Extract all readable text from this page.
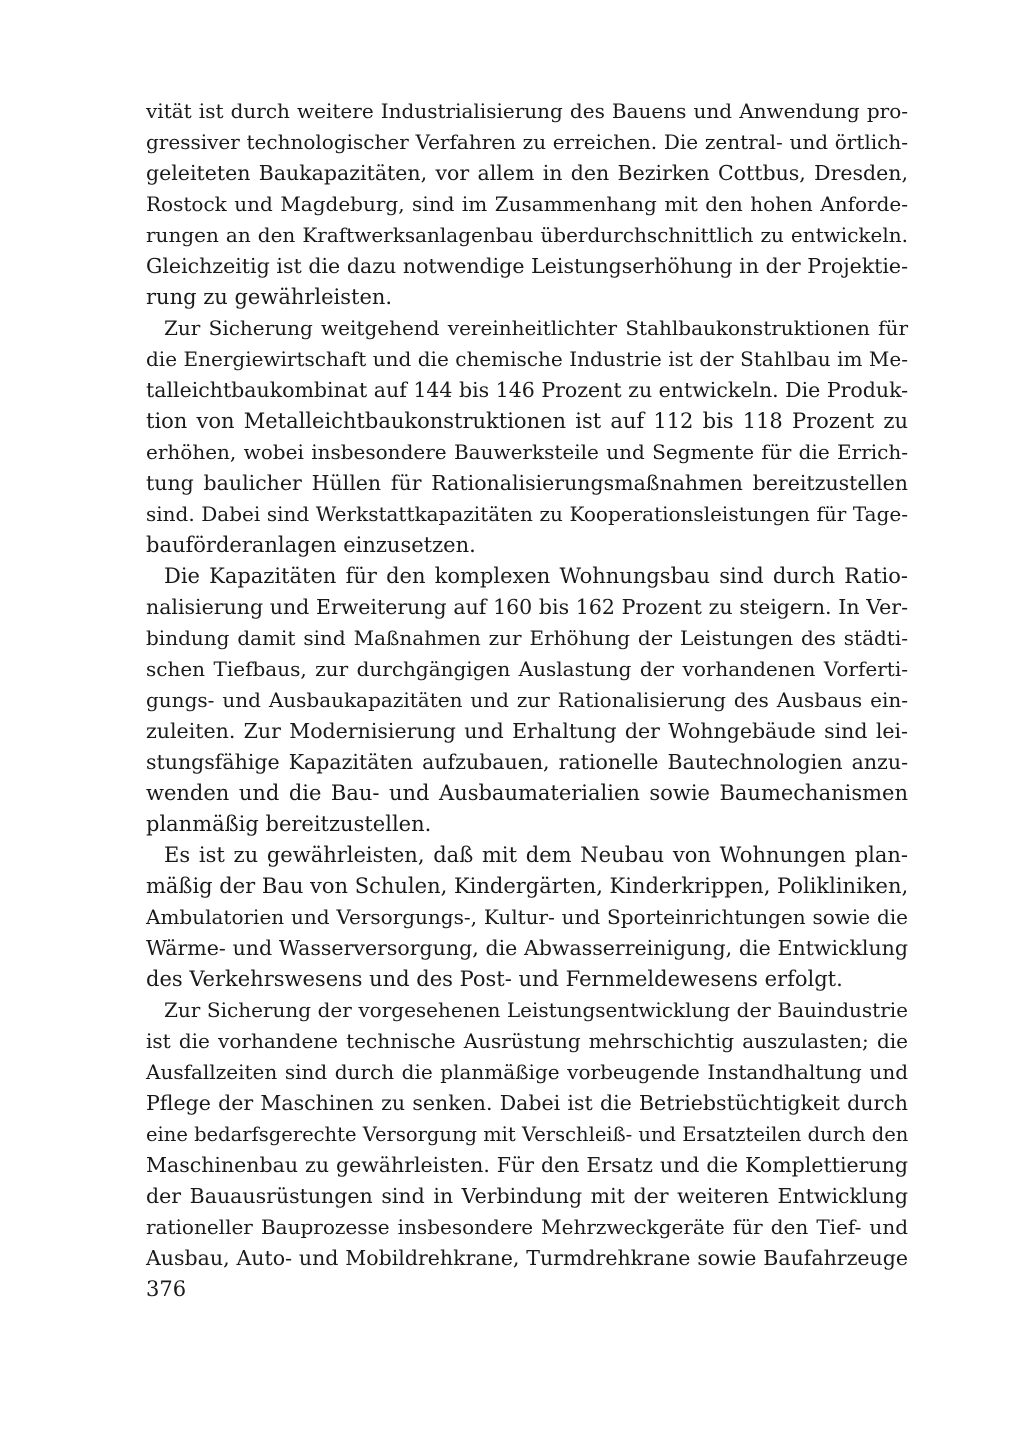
vität ist durch weitere Industrialisierung des Bauens und Anwendung pro-
gressiver technologischer Verfahren zu erreichen. Die zentral- und örtlich-
geleiteten Baukapazitäten, vor allem in den Bezirken Cottbus, Dresden,
Rostock und Magdeburg, sind im Zusammenhang mit den hohen Anforde-
rungen an den Kraftwerksanlagenbau überdurchschnittlich zu entwickeln.
Gleichzeitig ist die dazu notwendige Leistungserhöhung in der Projektie-
rung zu gewährleisten.
Zur Sicherung weitgehend vereinheitlichter Stahlbaukonstruktionen für
die Energiewirtschaft und die chemische Industrie ist der Stahlbau im Me-
talleichtbaukombinat auf 144 bis 146 Prozent zu entwickeln. Die Produk-
tion von Metalleichtbaukonstruktionen ist auf 112 bis 118 Prozent zu
erhöhen, wobei insbesondere Bauwerksteile und Segmente für die Errich-
tung baulicher Hüllen für Rationalisierungsmaßnahmen bereitzustellen
sind. Dabei sind Werkstattkapazitäten zu Kooperationsleistungen für Tage-
bauförderanlagen einzusetzen.
Die Kapazitäten für den komplexen Wohnungsbau sind durch Ratio-
nalisierung und Erweiterung auf 160 bis 162 Prozent zu steigern. In Ver-
bindung damit sind Maßnahmen zur Erhöhung der Leistungen des städti-
schen Tiefbaus, zur durchgängigen Auslastung der vorhandenen Vorferti-
gungs- und Ausbaukapazitäten und zur Rationalisierung des Ausbaus ein-
zuleiten. Zur Modernisierung und Erhaltung der Wohngebäude sind lei-
stungsfähige Kapazitäten aufzubauen, rationelle Bautechnologien anzu-
wenden und die Bau- und Ausbaumaterialien sowie Baumechanismen
planmäßig bereitzustellen.
Es ist zu gewährleisten, daß mit dem Neubau von Wohnungen plan-
mäßig der Bau von Schulen, Kindergärten, Kinderkrippen, Polikliniken,
Ambulatorien und Versorgungs-, Kultur- und Sporteinrichtungen sowie die
Wärme- und Wasserversorgung, die Abwasserreinigung, die Entwicklung
des Verkehrswesens und des Post- und Fernmeldewesens erfolgt.
Zur Sicherung der vorgesehenen Leistungsentwicklung der Bauindustrie
ist die vorhandene technische Ausrüstung mehrschichtig auszulasten; die
Ausfallzeiten sind durch die planmäßige vorbeugende Instandhaltung und
Pflege der Maschinen zu senken. Dabei ist die Betriebstüchtigkeit durch
eine bedarfsgerechte Versorgung mit Verschleiß- und Ersatzteilen durch den
Maschinenbau zu gewährleisten. Für den Ersatz und die Komplettierung
der Bauausrüstungen sind in Verbindung mit der weiteren Entwicklung
rationeller Bauprozesse insbesondere Mehrzweckgeräte für den Tief- und
Ausbau, Auto- und Mobildrehkrane, Turmdrehkrane sowie Baufahrzeuge
376
